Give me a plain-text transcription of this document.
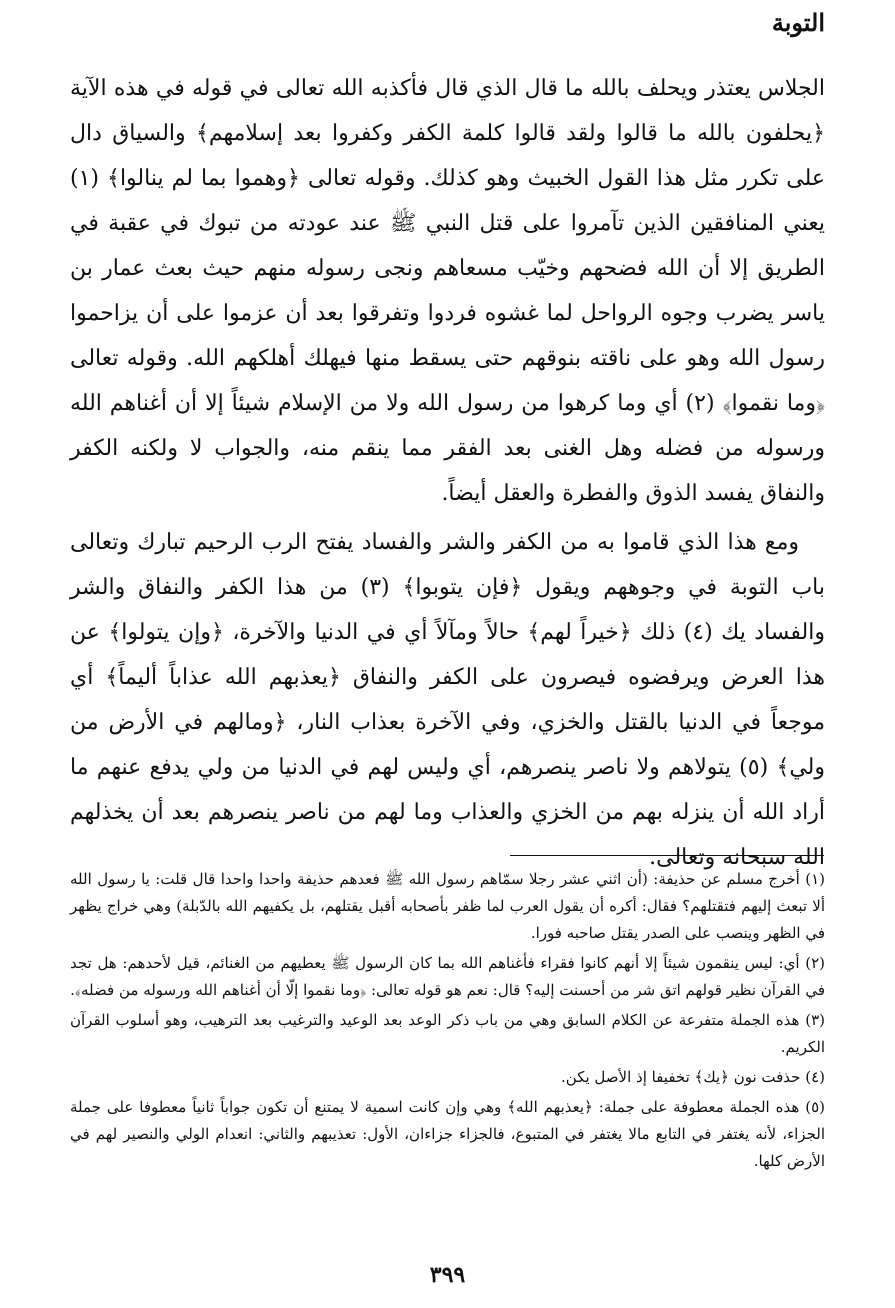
التوبة

الجلاس يعتذر ويحلف بالله ما قال الذي قال فأكذبه الله تعالى في قوله في هذه الآية ﴿يحلفون بالله ما قالوا ولقد قالوا كلمة الكفر وكفروا بعد إسلامهم﴾ والسياق دال على تكرر مثل هذا القول الخبيث وهو كذلك. وقوله تعالى ﴿وهموا بما لم ينالوا﴾ (١) يعني المنافقين الذين تآمروا على قتل النبي ﷺ عند عودته من تبوك في عقبة في الطريق إلا أن الله فضحهم وخيّب مسعاهم ونجى رسوله منهم حيث بعث عمار بن ياسر يضرب وجوه الرواحل لما غشوه فردوا وتفرقوا بعد أن عزموا على أن يزاحموا رسول الله وهو على ناقته بنوقهم حتى يسقط منها فيهلك أهلكهم الله. وقوله تعالى ﴿وما نقموا﴾ (٢) أي وما كرهوا من رسول الله ولا من الإسلام شيئاً إلا أن أغناهم الله ورسوله من فضله وهل الغنى بعد الفقر مما ينقم منه، والجواب لا ولكنه الكفر والنفاق يفسد الذوق والفطرة والعقل أيضاً.

ومع هذا الذي قاموا به من الكفر والشر والفساد يفتح الرب الرحيم تبارك وتعالى باب التوبة في وجوههم ويقول ﴿فإن يتوبوا﴾ (٣) من هذا الكفر والنفاق والشر والفساد يك (٤) ذلك ﴿خيراً لهم﴾ حالاً ومآلاً أي في الدنيا والآخرة، ﴿وإن يتولوا﴾ عن هذا العرض ويرفضوه فيصرون على الكفر والنفاق ﴿يعذبهم الله عذاباً أليماً﴾ أي موجعاً في الدنيا بالقتل والخزي، وفي الآخرة بعذاب النار، ﴿ومالهم في الأرض من ولي﴾ (٥) يتولاهم ولا ناصر ينصرهم، أي وليس لهم في الدنيا من ولي يدفع عنهم ما أراد الله أن ينزله بهم من الخزي والعذاب وما لهم من ناصر ينصرهم بعد أن يخذلهم الله سبحانه وتعالى.

(١) أخرج مسلم عن حذيفة: (أن اثني عشر رجلا سمّاهم رسول الله ﷺ فعدهم حذيفة واحدا واحدا قال قلت: يا رسول الله ألا تبعث إليهم فتقتلهم؟ فقال: أكره أن يقول العرب لما ظفر بأصحابه أقبل يقتلهم، بل يكفيهم الله بالدّبلة) وهي خراج يظهر في الظهر وينصب على الصدر يقتل صاحبه فورا.

(٢) أي: ليس ينقمون شيئاً إلا أنهم كانوا فقراء فأغناهم الله بما كان الرسول ﷺ يعطيهم من الغنائم، قيل لأحدهم: هل تجد في القرآن نظير قولهم اتق شر من أحسنت إليه؟ قال: نعم هو قوله تعالى: ﴿وما نقموا إلّا أن أغناهم الله ورسوله من فضله﴾.

(٣) هذه الجملة متفرعة عن الكلام السابق وهي من باب ذكر الوعد بعد الوعيد والترغيب بعد الترهيب، وهو أسلوب القرآن الكريم.

(٤) حذفت نون ﴿يك﴾ تخفيفا إذ الأصل يكن.

(٥) هذه الجملة معطوفة على جملة: ﴿يعذبهم الله﴾ وهي وإن كانت اسمية لا يمتنع أن تكون جواباً ثانياً معطوفا على جملة الجزاء، لأنه يغتفر في التابع مالا يغتفر في المتبوع، فالجزاء جزاءان، الأول: تعذيبهم والثاني: انعدام الولي والنصير لهم في الأرض كلها.

٣٩٩
